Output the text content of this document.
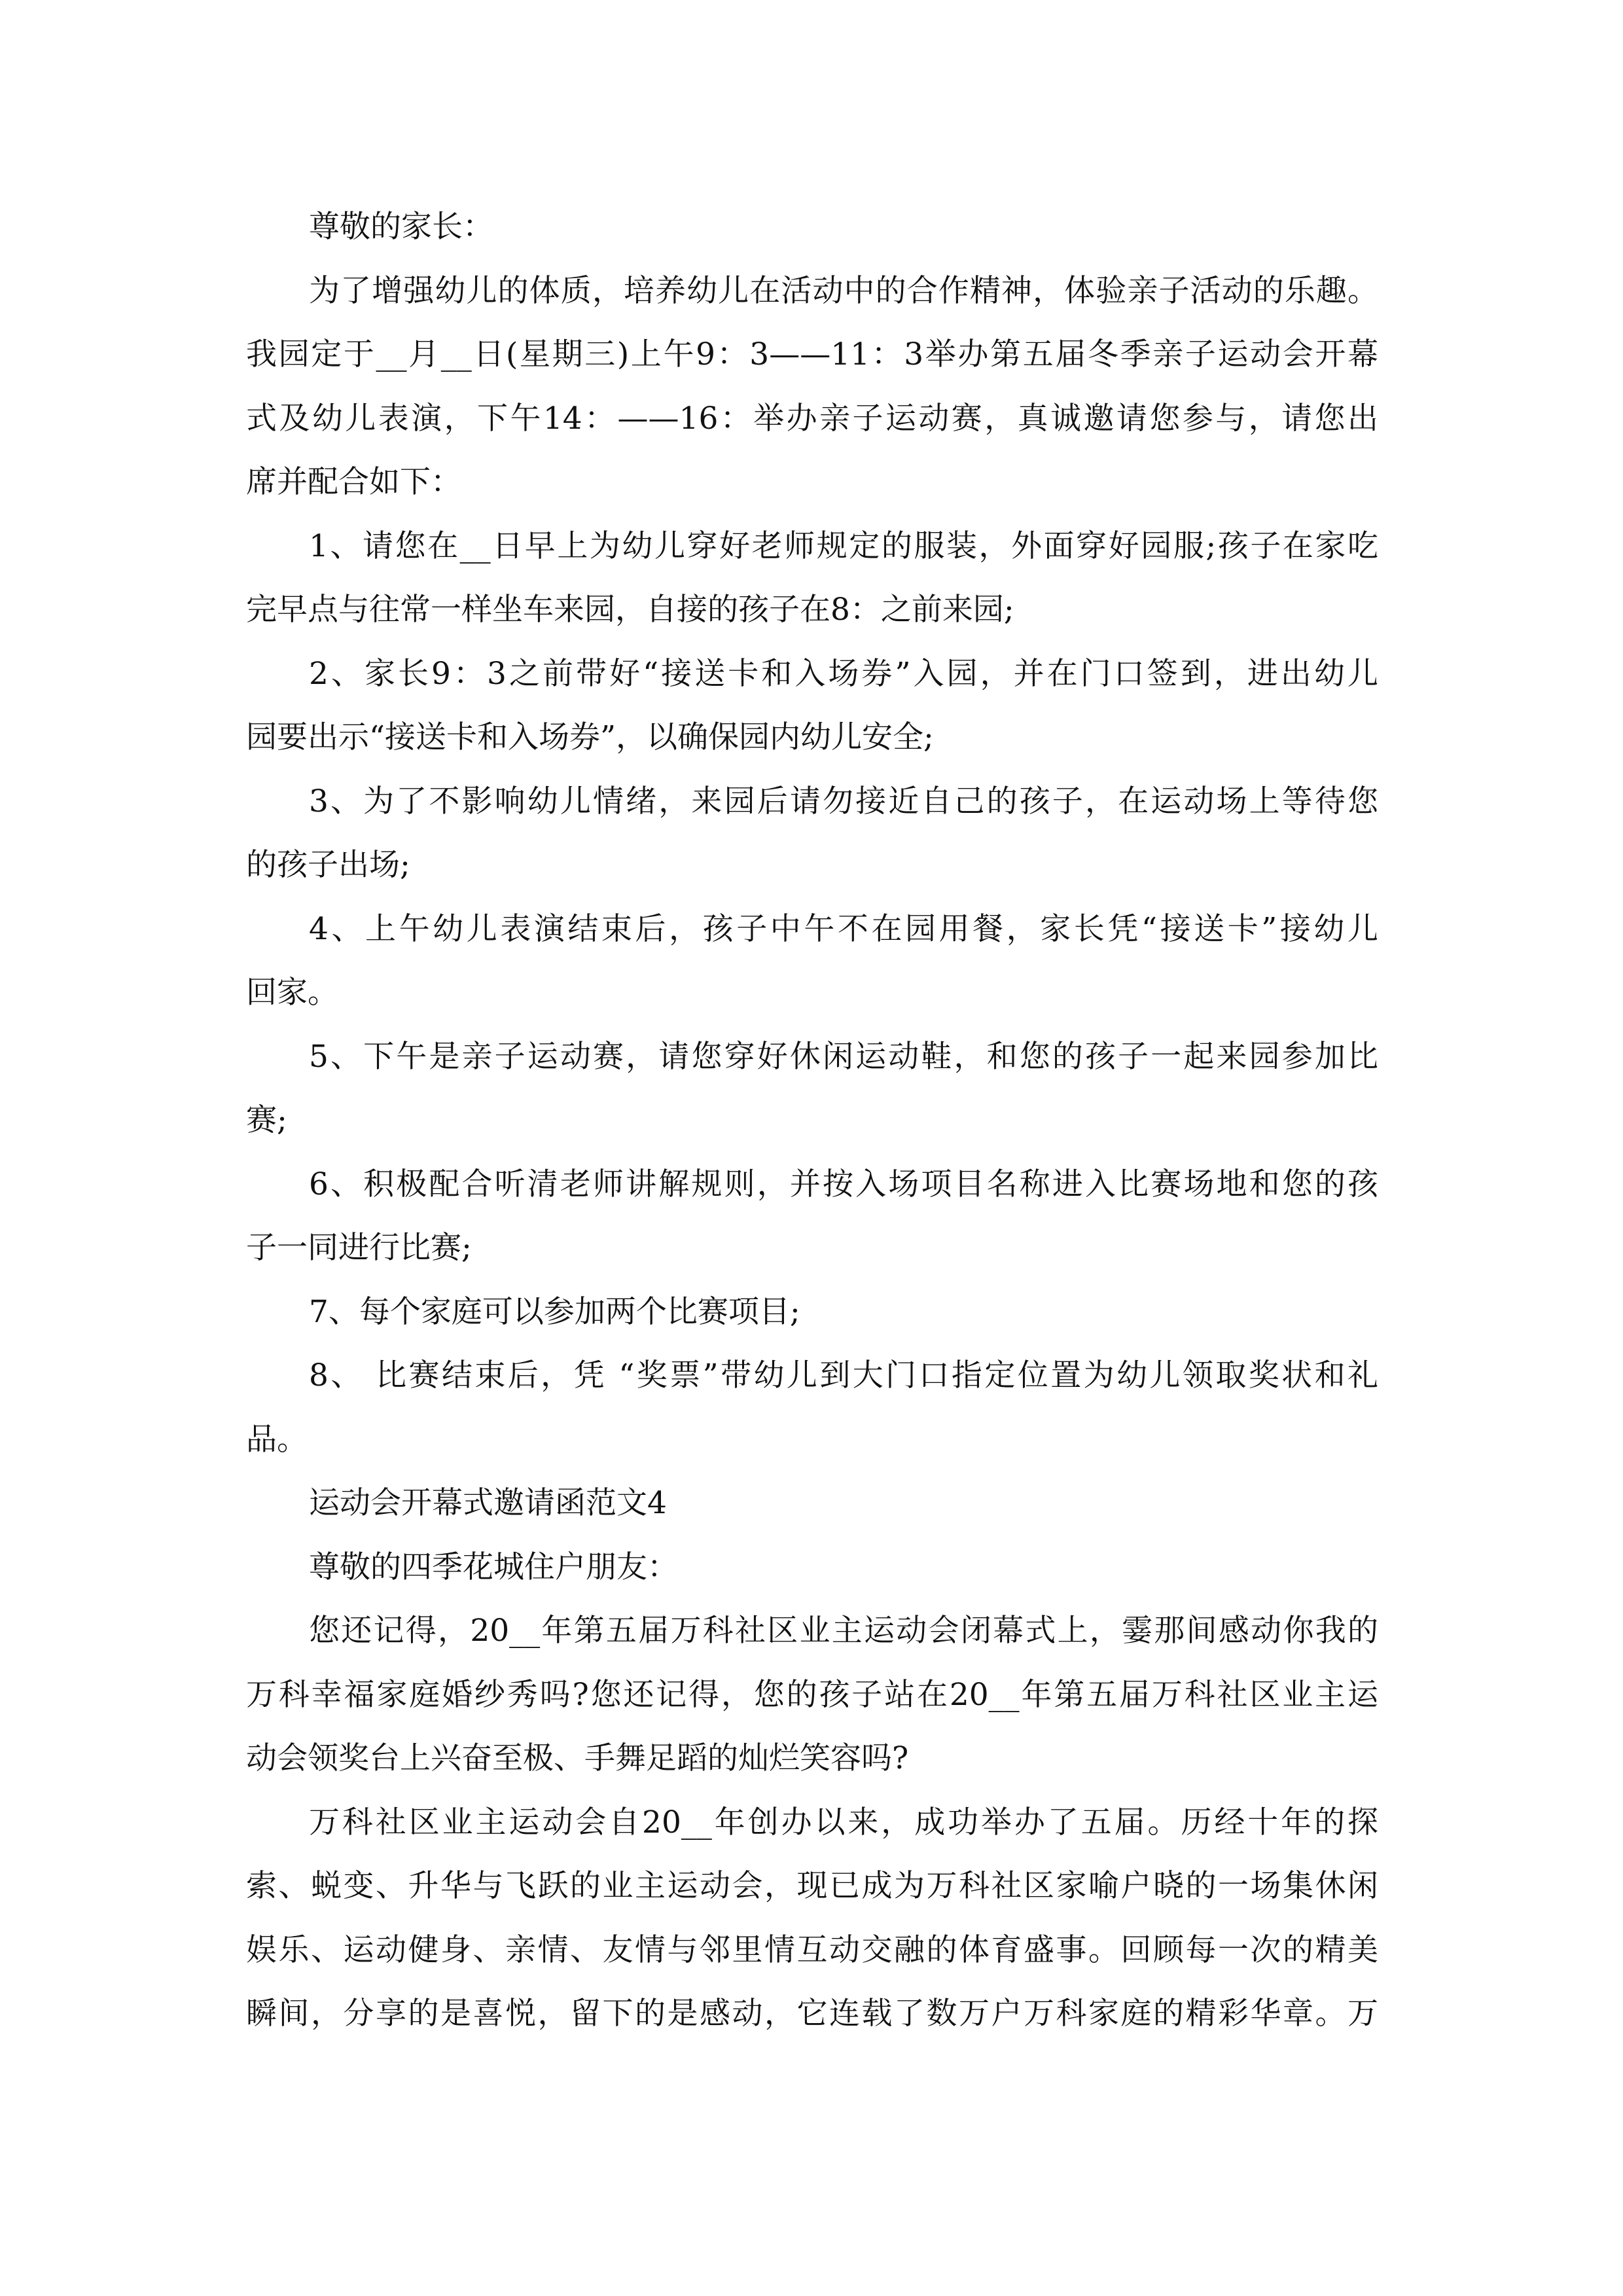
尊敬的家长：
为了增强幼儿的体质，培养幼儿在活动中的合作精神，体验亲子活动的乐趣。
我园定于__月__日(星期三)上午9：3——11：3举办第五届冬季亲子运动会开幕
式及幼儿表演，下午14：——16：举办亲子运动赛，真诚邀请您参与，请您出
席并配合如下：
1、请您在__日早上为幼儿穿好老师规定的服装，外面穿好园服;孩子在家吃
完早点与往常一样坐车来园，自接的孩子在8：之前来园;
2、家长9：3之前带好“接送卡和入场券”入园，并在门口签到，进出幼儿
园要出示“接送卡和入场券”，以确保园内幼儿安全;
3、为了不影响幼儿情绪，来园后请勿接近自己的孩子，在运动场上等待您
的孩子出场;
4、上午幼儿表演结束后，孩子中午不在园用餐，家长凭“接送卡”接幼儿
回家。
5、下午是亲子运动赛，请您穿好休闲运动鞋，和您的孩子一起来园参加比
赛;
6、积极配合听清老师讲解规则，并按入场项目名称进入比赛场地和您的孩
子一同进行比赛;
7、每个家庭可以参加两个比赛项目;
8、 比赛结束后，凭 “奖票”带幼儿到大门口指定位置为幼儿领取奖状和礼
品。
运动会开幕式邀请函范文4
尊敬的四季花城住户朋友：
您还记得，20__年第五届万科社区业主运动会闭幕式上，霎那间感动你我的
万科幸福家庭婚纱秀吗?您还记得，您的孩子站在20__年第五届万科社区业主运
动会领奖台上兴奋至极、手舞足蹈的灿烂笑容吗?
万科社区业主运动会自20__年创办以来，成功举办了五届。历经十年的探
索、蜕变、升华与飞跃的业主运动会，现已成为万科社区家喻户晓的一场集休闲
娱乐、运动健身、亲情、友情与邻里情互动交融的体育盛事。回顾每一次的精美
瞬间，分享的是喜悦，留下的是感动，它连载了数万户万科家庭的精彩华章。万
